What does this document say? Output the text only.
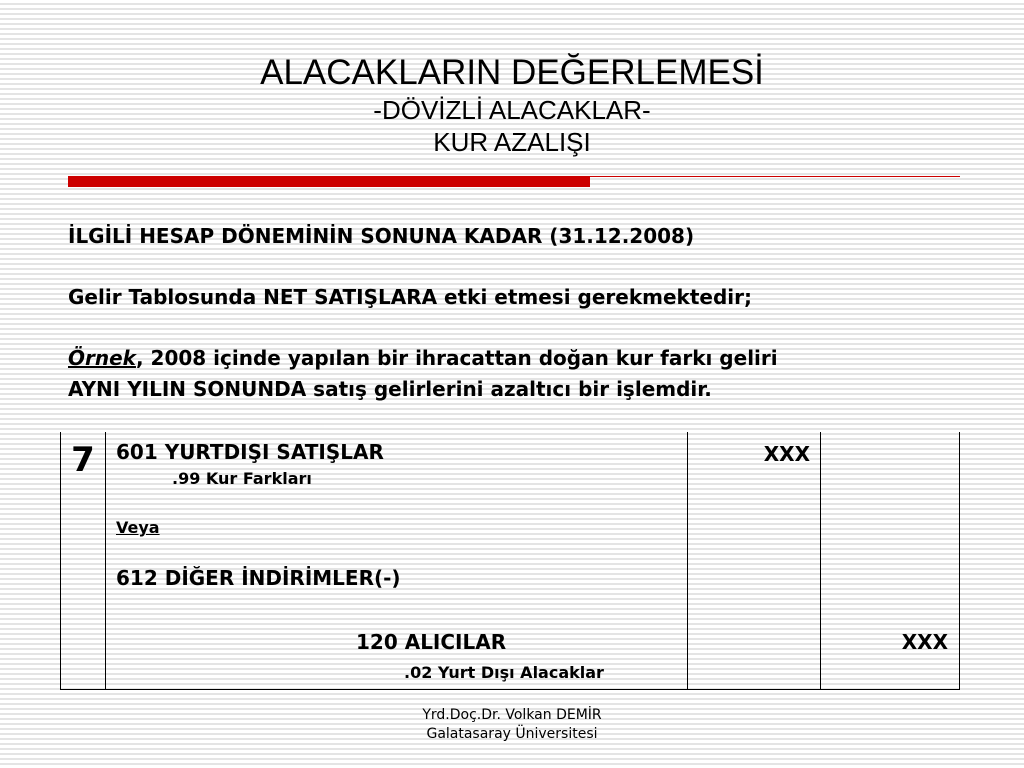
ALACAKLARIN DEĞERLEMESİ
-DÖVİZLİ ALACAKLAR-
KUR AZALIŞI
İLGİLİ HESAP DÖNEMİNİN SONUNA KADAR (31.12.2008)
Gelir Tablosunda NET SATIŞLARA etki etmesi gerekmektedir;
Örnek, 2008 içinde yapılan bir ihracattan doğan kur farkı geliri
AYNI YILIN SONUNDA satış gelirlerini azaltıcı bir işlemdir.
7	601 YURTDIŞI SATIŞLAR
.99 Kur Farkları
Veya
612 DİĞER İNDİRİMLER(-)
120 ALICILAR
.02 Yurt Dışı Alacaklar
XXX
XXX
Yrd.Doç.Dr. Volkan DEMİR
Galatasaray Üniversitesi
